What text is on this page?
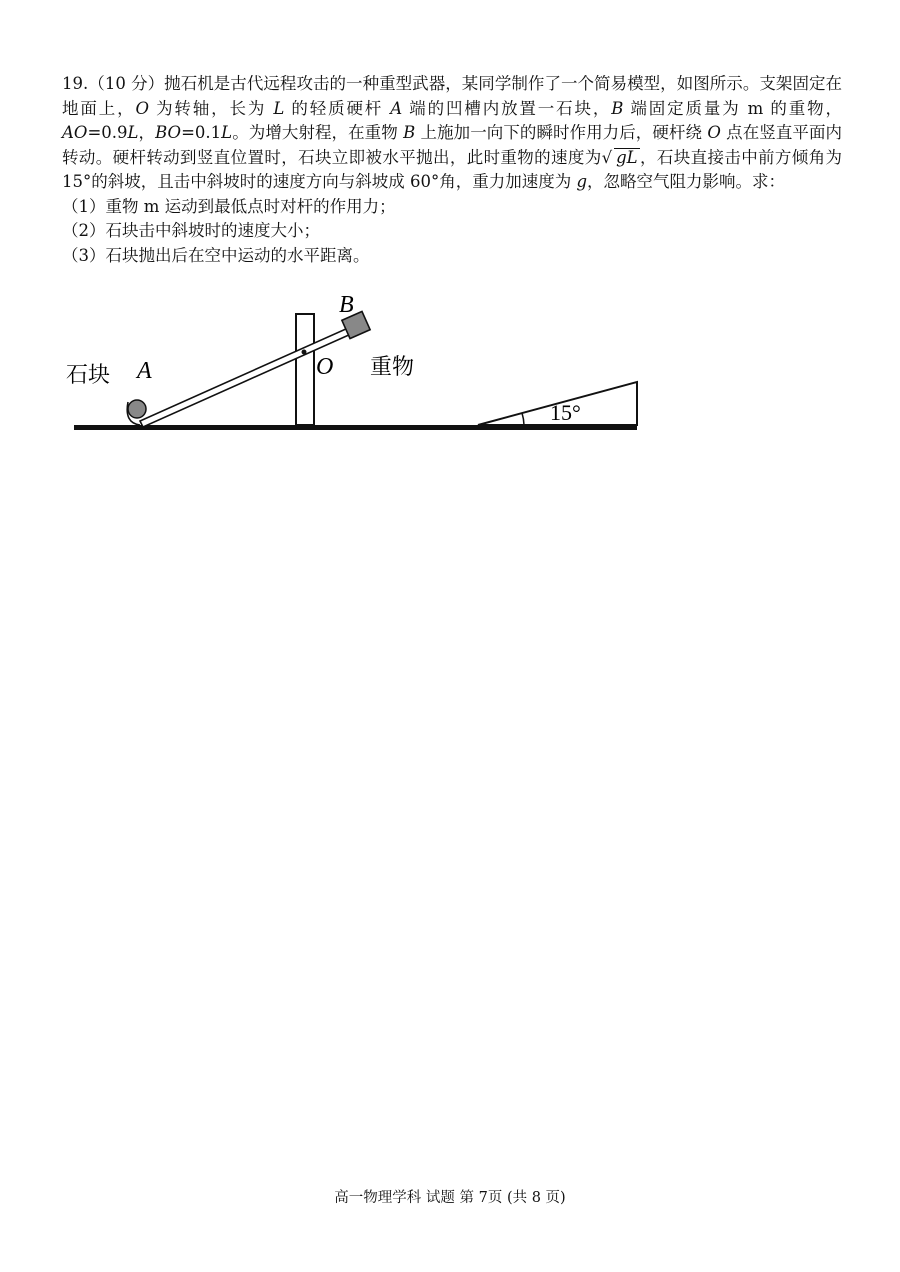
19.（10 分）抛石机是古代远程攻击的一种重型武器，某同学制作了一个简易模型，如图所示。支架固定在地面上，O 为转轴，长为 L 的轻质硬杆 A 端的凹槽内放置一石块，B 端固定质量为 m 的重物，AO=0.9L，BO=0.1L。为增大射程，在重物 B 上施加一向下的瞬时作用力后，硬杆绕 O 点在竖直平面内转动。硬杆转动到竖直位置时，石块立即被水平抛出，此时重物的速度为√ gL ，石块直接击中前方倾角为 15°的斜坡，且击中斜坡时的速度方向与斜坡成 60°角，重力加速度为 g，忽略空气阻力影响。求：

（1）重物 m 运动到最低点时对杆的作用力；
（2）石块击中斜坡时的速度大小；
（3）石块抛出后在空中运动的水平距离。
石块 A
B
O 重物
15°
高一物理学科 试题 第 7页 (共 8 页)
